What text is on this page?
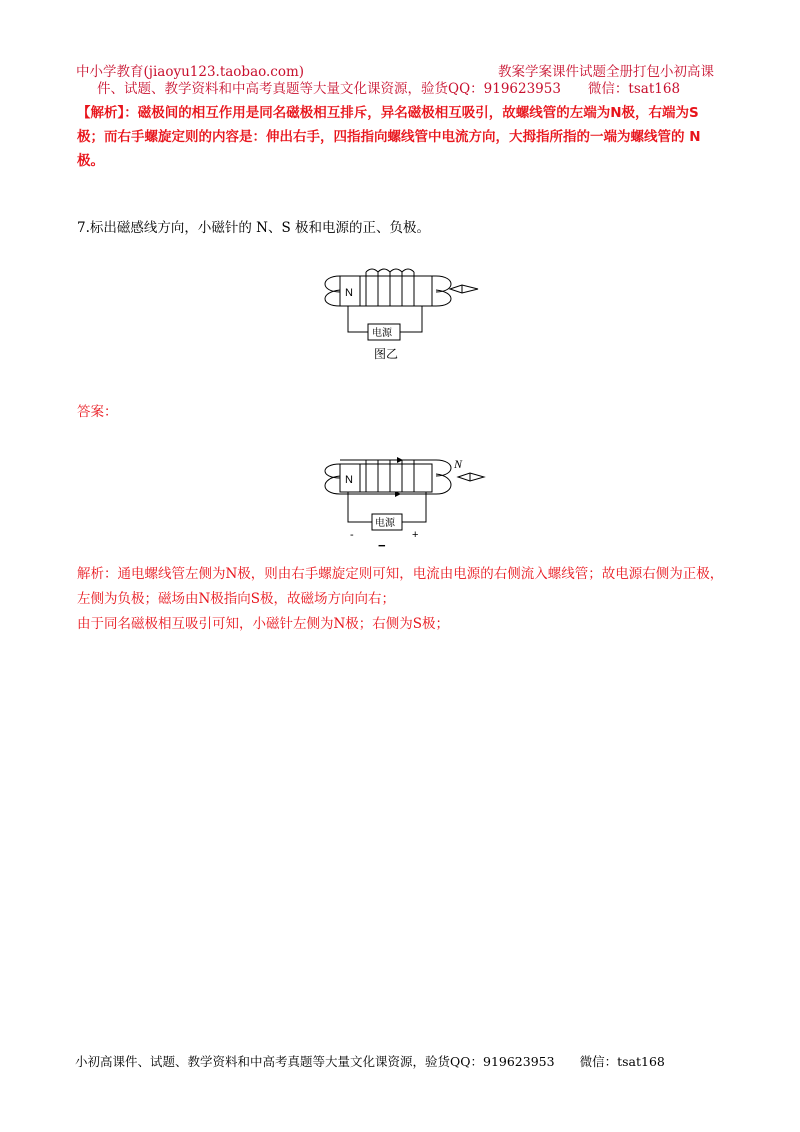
中小学教育(jiaoyu123.taobao.com)	教案学案课件试题全册打包小初高课
件、试题、教学资料和中高考真题等大量文化课资源，验货QQ：919623953　　微信：tsat168

【解析】：磁极间的相互作用是同名磁极相互排斥，异名磁极相互吸引，故螺线管的左端为N极，右端为S

极；而右手螺旋定则的内容是：伸出右手，四指指向螺线管中电流方向，大拇指所指的一端为螺线管的 N

极。

7.标出磁感线方向，小磁针的 N、S 极和电源的正、负极。
N
电源
图乙
答案：
N
N
电源
-	+
−

解析：通电螺线管左侧为N极，则由右手螺旋定则可知，电流由电源的右侧流入螺线管；故电源右侧为正极，

左侧为负极；磁场由N极指向S极，故磁场方向向右；

由于同名磁极相互吸引可知，小磁针左侧为N极；右侧为S极；

小初高课件、试题、教学资料和中高考真题等大量文化课资源，验货QQ：919623953　　微信：tsat168
